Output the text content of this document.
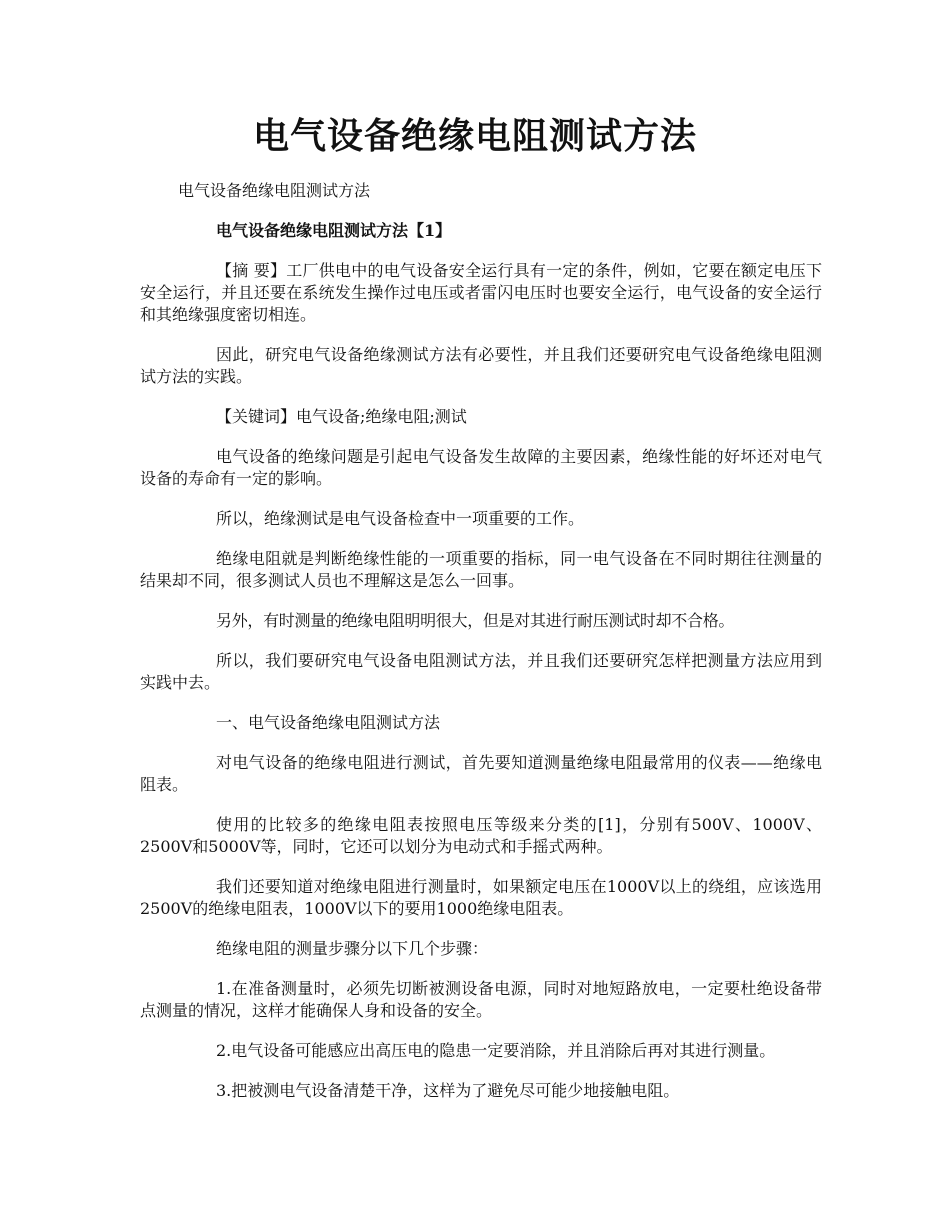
电气设备绝缘电阻测试方法
电气设备绝缘电阻测试方法

电气设备绝缘电阻测试方法【1】

【摘 要】工厂供电中的电气设备安全运行具有一定的条件，例如，它要在额定电压下安全运行，并且还要在系统发生操作过电压或者雷闪电压时也要安全运行，电气设备的安全运行和其绝缘强度密切相连。

因此，研究电气设备绝缘测试方法有必要性，并且我们还要研究电气设备绝缘电阻测试方法的实践。

【关键词】电气设备;绝缘电阻;测试

电气设备的绝缘问题是引起电气设备发生故障的主要因素，绝缘性能的好坏还对电气设备的寿命有一定的影响。

所以，绝缘测试是电气设备检查中一项重要的工作。

绝缘电阻就是判断绝缘性能的一项重要的指标，同一电气设备在不同时期往往测量的结果却不同，很多测试人员也不理解这是怎么一回事。

另外，有时测量的绝缘电阻明明很大，但是对其进行耐压测试时却不合格。

所以，我们要研究电气设备电阻测试方法，并且我们还要研究怎样把测量方法应用到实践中去。

一、电气设备绝缘电阻测试方法

对电气设备的绝缘电阻进行测试，首先要知道测量绝缘电阻最常用的仪表——绝缘电阻表。

使用的比较多的绝缘电阻表按照电压等级来分类的[1]，分别有500V、1000V、2500V和5000V等，同时，它还可以划分为电动式和手摇式两种。

我们还要知道对绝缘电阻进行测量时，如果额定电压在1000V以上的绕组，应该选用2500V的绝缘电阻表，1000V以下的要用1000绝缘电阻表。

绝缘电阻的测量步骤分以下几个步骤：

1.在准备测量时，必须先切断被测设备电源，同时对地短路放电，一定要杜绝设备带点测量的情况，这样才能确保人身和设备的安全。

2.电气设备可能感应出高压电的隐患一定要消除，并且消除后再对其进行测量。

3.把被测电气设备清楚干净，这样为了避免尽可能少地接触电阻。
